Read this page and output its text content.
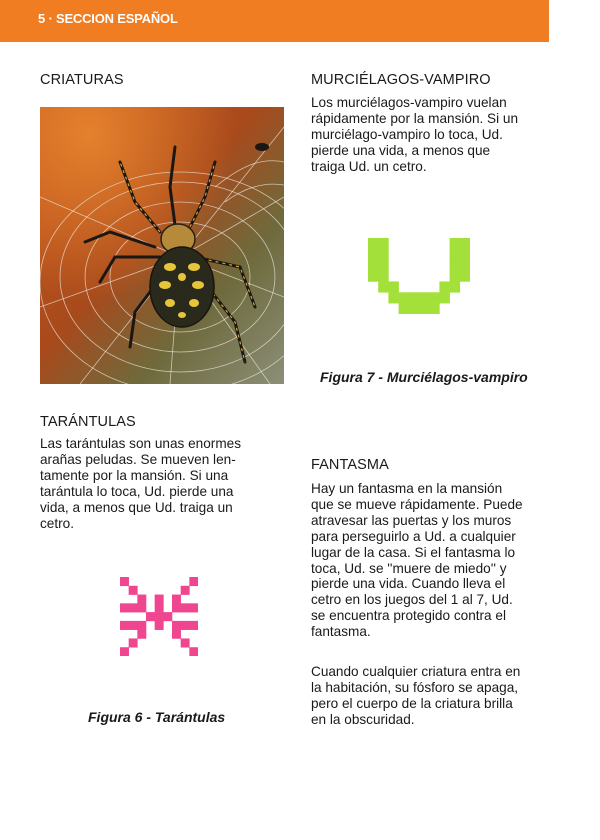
5 · SECCION ESPAÑOL
CRIATURAS
TARÁNTULAS

Las tarántulas son unas enormes
arañas peludas. Se mueven len-
tamente por la mansión. Si una
tarántula lo toca, Ud. pierde una
vida, a menos que Ud. traiga un
cetro.

Figura 6 - Tarántulas

MURCIÉLAGOS-VAMPIRO

Los murciélagos-vampiro vuelan
rápidamente por la mansión. Si un
murciélago-vampiro lo toca, Ud.
pierde una vida, a menos que
traiga Ud. un cetro.

Figura 7 - Murciélagos-vampiro

FANTASMA

Hay un fantasma en la mansión
que se mueve rápidamente. Puede
atravesar las puertas y los muros
para perseguirlo a Ud. a cualquier
lugar de la casa. Si el fantasma lo
toca, Ud. se ''muere de miedo'' y
pierde una vida. Cuando lleva el
cetro en los juegos del 1 al 7, Ud.
se encuentra protegido contra el
fantasma.

Cuando cualquier criatura entra en
la habitación, su fósforo se apaga,
pero el cuerpo de la criatura brilla
en la obscuridad.
